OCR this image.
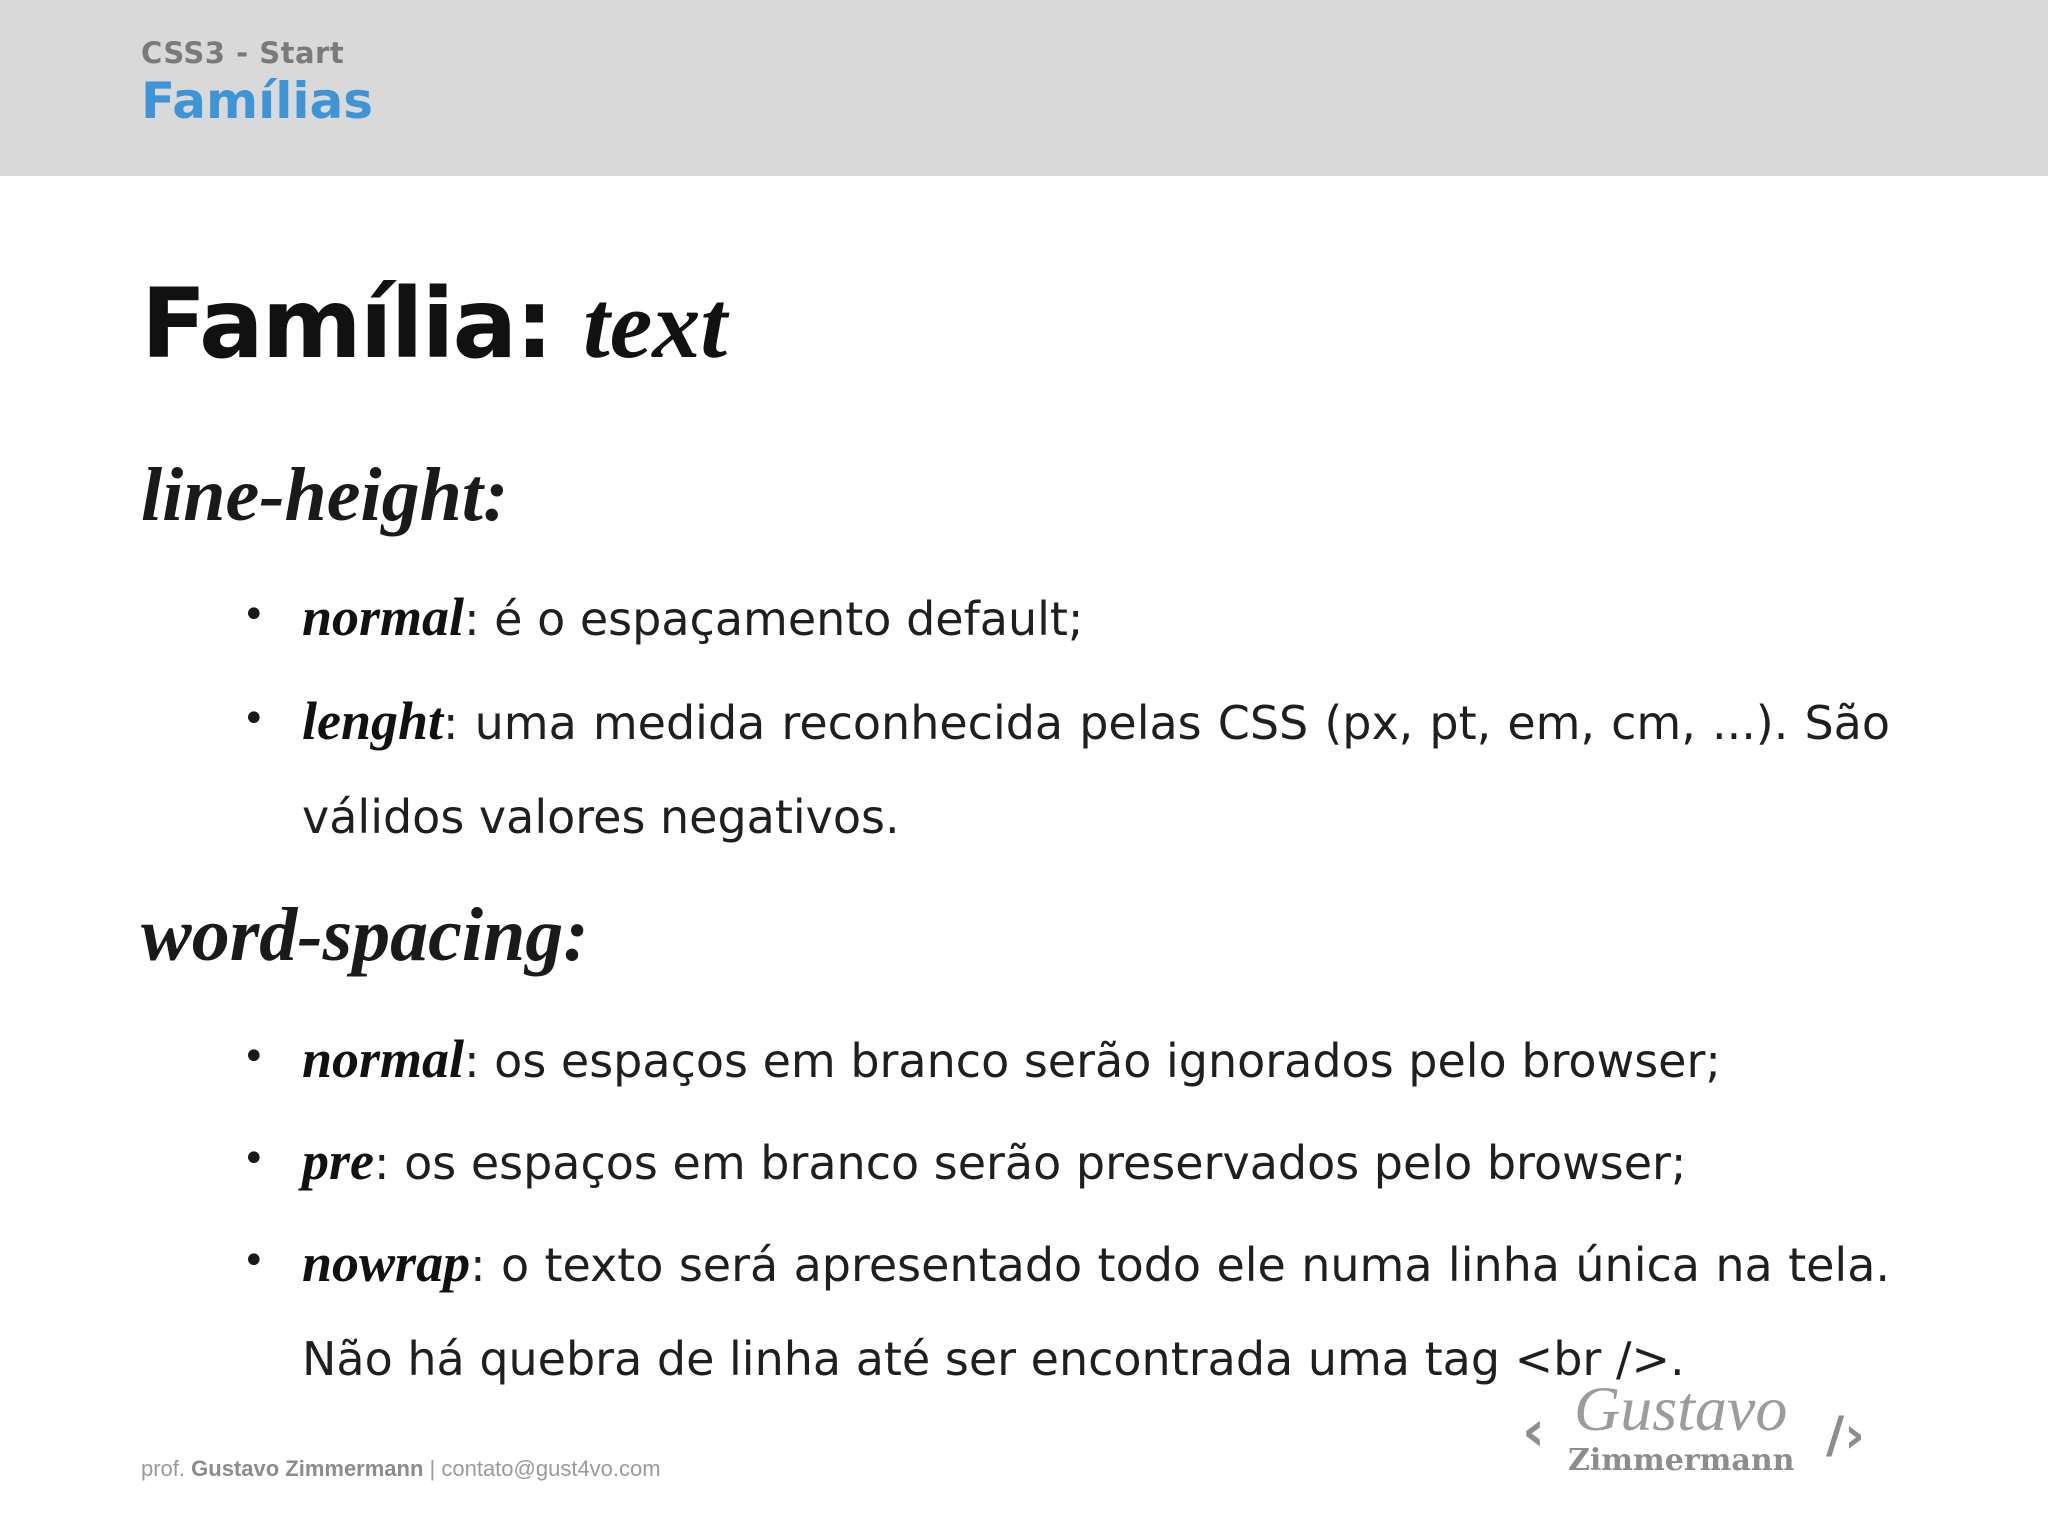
CSS3 - Start
Famílias
Família: text
line-height:
• normal: é o espaçamento default;
• lenght: uma medida reconhecida pelas CSS (px, pt, em, cm, ...). São válidos valores negativos.
word-spacing:
• normal: os espaços em branco serão ignorados pelo browser;
• pre: os espaços em branco serão preservados pelo browser;
• nowrap: o texto será apresentado todo ele numa linha única na tela. Não há quebra de linha até ser encontrada uma tag <br />.
prof. Gustavo Zimmermann | contato@gust4vo.com
‹ Gustavo
Zimmermann /›
